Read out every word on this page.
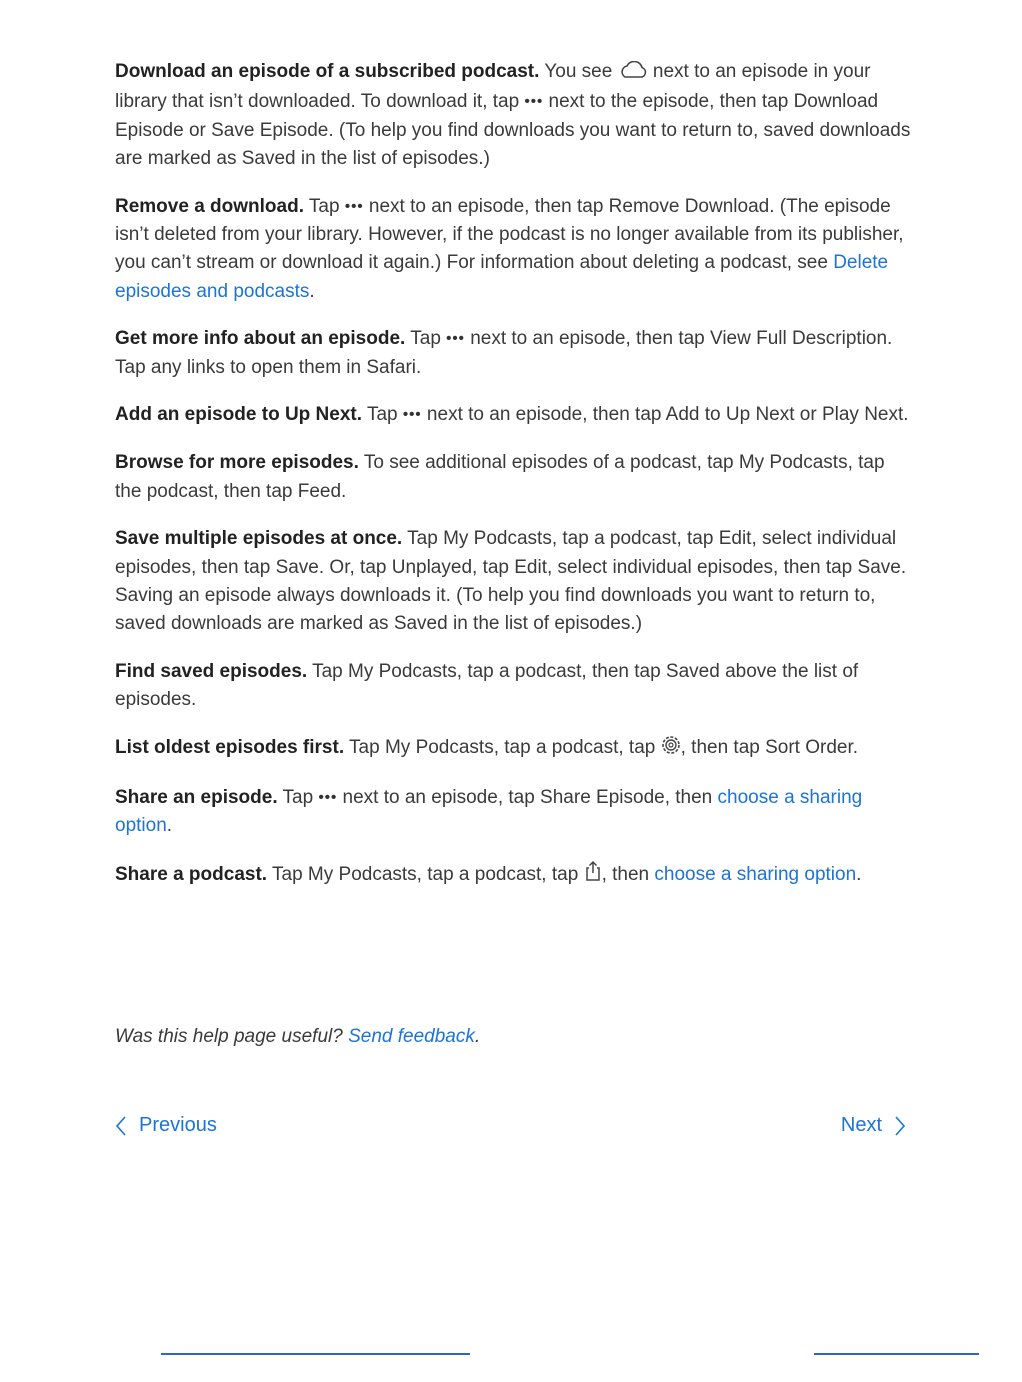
Download an episode of a subscribed podcast. You see  next to an episode in your library that isn’t downloaded. To download it, tap ••• next to the episode, then tap Download Episode or Save Episode. (To help you find downloads you want to return to, saved downloads are marked as Saved in the list of episodes.)

Remove a download. Tap ••• next to an episode, then tap Remove Download. (The episode isn’t deleted from your library. However, if the podcast is no longer available from its publisher, you can’t stream or download it again.) For information about deleting a podcast, see Delete episodes and podcasts.

Get more info about an episode. Tap ••• next to an episode, then tap View Full Description. Tap any links to open them in Safari.

Add an episode to Up Next. Tap ••• next to an episode, then tap Add to Up Next or Play Next.

Browse for more episodes. To see additional episodes of a podcast, tap My Podcasts, tap the podcast, then tap Feed.

Save multiple episodes at once. Tap My Podcasts, tap a podcast, tap Edit, select individual episodes, then tap Save. Or, tap Unplayed, tap Edit, select individual episodes, then tap Save. Saving an episode always downloads it. (To help you find downloads you want to return to, saved downloads are marked as Saved in the list of episodes.)

Find saved episodes. Tap My Podcasts, tap a podcast, then tap Saved above the list of episodes.

List oldest episodes first. Tap My Podcasts, tap a podcast, tap , then tap Sort Order.

Share an episode. Tap ••• next to an episode, tap Share Episode, then choose a sharing option.

Share a podcast. Tap My Podcasts, tap a podcast, tap , then choose a sharing option.

Was this help page useful? Send feedback.
Previous	Next
